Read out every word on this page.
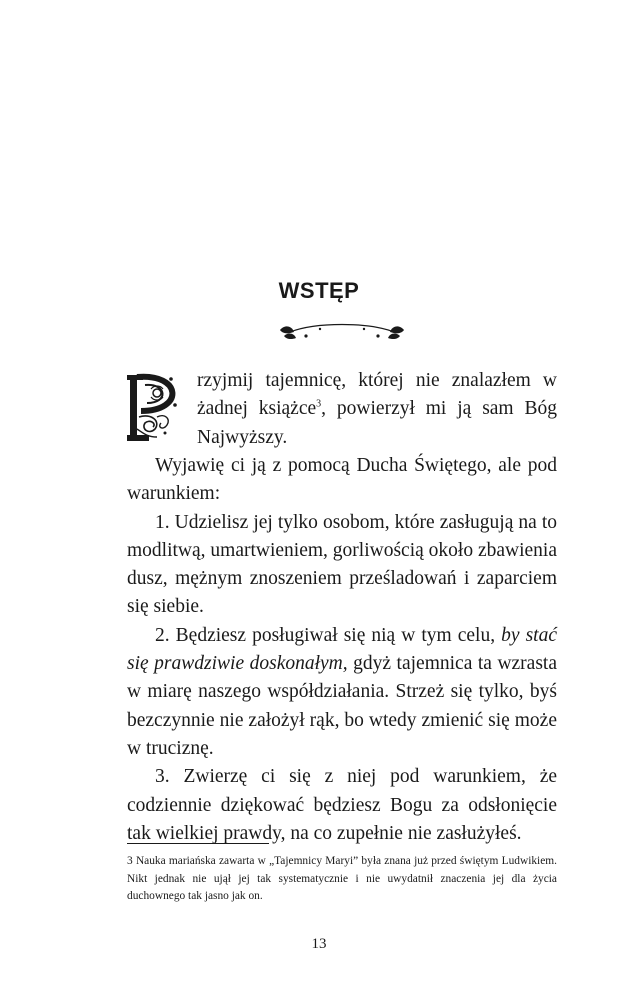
WSTĘP

rzyjmij tajemnicę, której nie znalazłem w żadnej książce$^3$, powierzył mi ją sam Bóg Najwyższy.

Wyjawię ci ją z pomocą Ducha Świętego, ale pod warunkiem:

1. Udzielisz jej tylko osobom, które zasługują na to modlitwą, umartwieniem, gorliwością około zbawienia dusz, mężnym znoszeniem prześladowań i zaparciem się siebie.

2. Będziesz posługiwał się nią w tym celu, by stać się prawdziwie doskonałym, gdyż tajemnica ta wzrasta w miarę naszego współdziałania. Strzeż się tylko, byś bezczynnie nie założył rąk, bo wtedy zmienić się może w truciznę.

3. Zwierzę ci się z niej pod warunkiem, że codziennie dziękować będziesz Bogu za odsłonięcie tak wielkiej prawdy, na co zupełnie nie zasłużyłeś.

3 Nauka mariańska zawarta w „Tajemnicy Maryi” była znana już przed świętym Ludwikiem. Nikt jednak nie ujął jej tak systematycznie i nie uwydatnił znaczenia jej dla życia duchownego tak jasno jak on.
13
